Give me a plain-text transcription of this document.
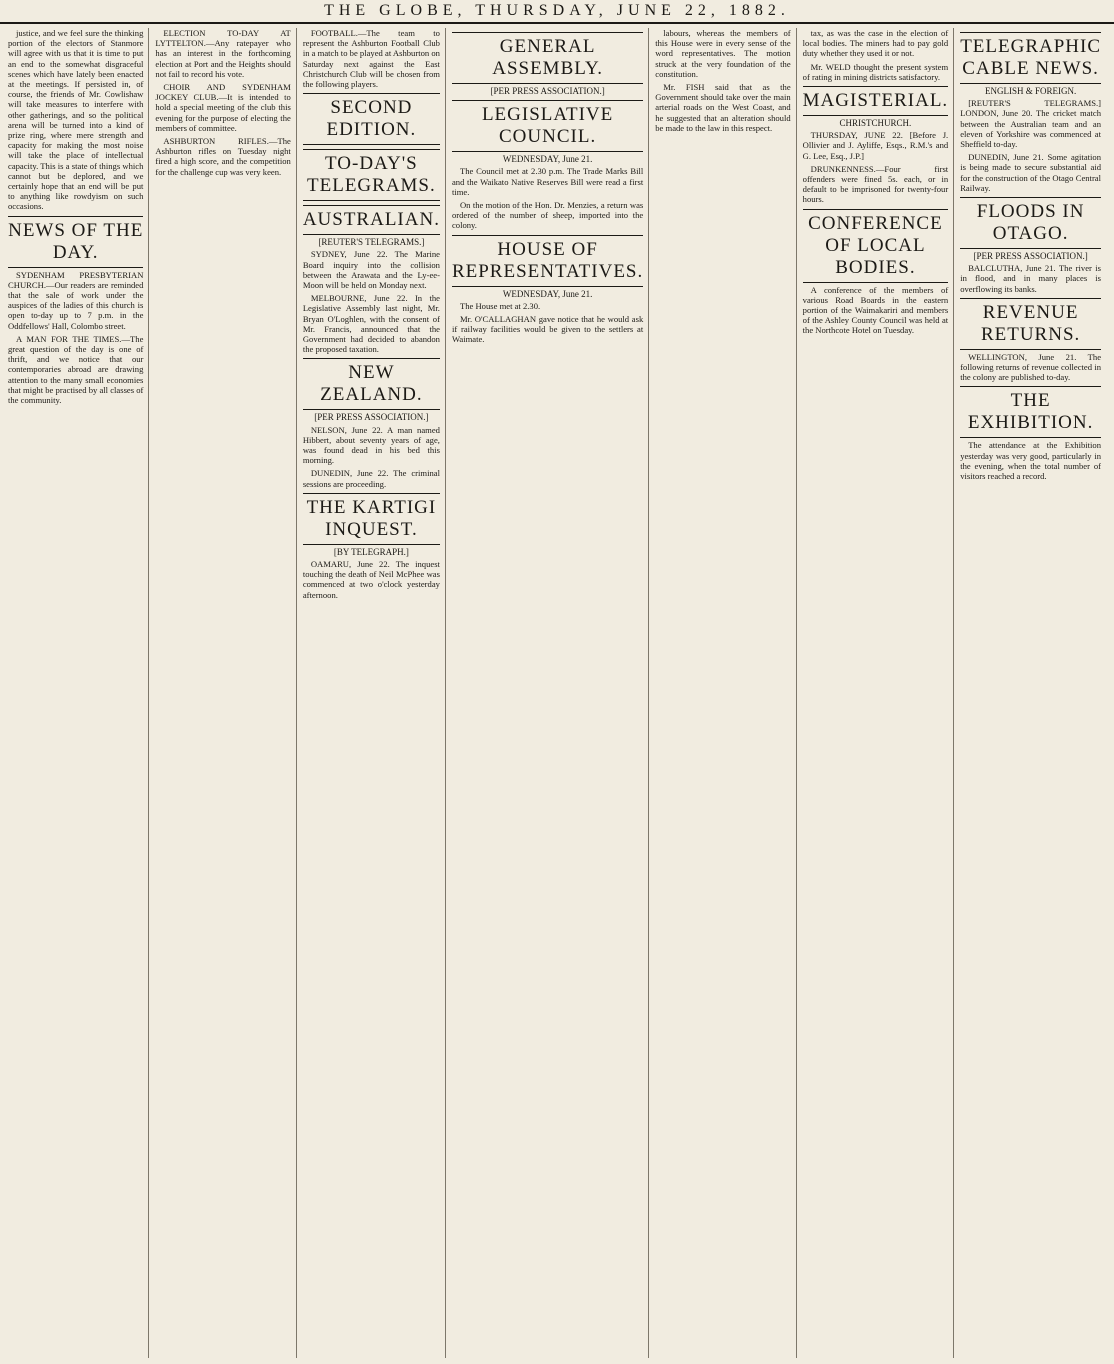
THE GLOBE, THURSDAY, JUNE 22, 1882.

justice, and we feel sure the thinking portion of the electors of Stanmore will agree with us that it is time to put an end to the somewhat disgraceful scenes which have lately been enacted at the meetings. If persisted in, of course, the friends of Mr. Cowlishaw will take measures to interfere with other gatherings, and so the political arena will be turned into a kind of prize ring, where mere strength and capacity for making the most noise will take the place of intellectual capacity. This is a state of things which cannot but be deplored, and we certainly hope that an end will be put to anything like rowdyism on such occasions.

NEWS OF THE DAY.

SYDENHAM PRESBYTERIAN CHURCH.—Our readers are reminded that the sale of work under the auspices of the ladies of this church is open to-day up to 7 p.m. in the Oddfellows' Hall, Colombo street.

A MAN FOR THE TIMES.—The great question of the day is one of thrift, and we notice that our contemporaries abroad are drawing attention to the many small economies that might be practised by all classes of the community.

ELECTION TO-DAY AT LYTTELTON.—Any ratepayer who has an interest in the forthcoming election at Port and the Heights should not fail to record his vote.

CHOIR AND SYDENHAM JOCKEY CLUB.—It is intended to hold a special meeting of the club this evening for the purpose of electing the members of committee.

ASHBURTON RIFLES.—The Ashburton rifles on Tuesday night fired a high score, and the competition for the challenge cup was very keen.

FOOTBALL.—The team to represent the Ashburton Football Club in a match to be played at Ashburton on Saturday next against the East Christchurch Club will be chosen from the following players.

SECOND EDITION.
TO-DAY'S TELEGRAMS.
AUSTRALIAN.
[REUTER'S TELEGRAMS.]

SYDNEY, June 22. The Marine Board inquiry into the collision between the Arawata and the Ly-ee-Moon will be held on Monday next.

MELBOURNE, June 22. In the Legislative Assembly last night, Mr. Bryan O'Loghlen, with the consent of Mr. Francis, announced that the Government had decided to abandon the proposed taxation.

NEW ZEALAND.
[PER PRESS ASSOCIATION.]

NELSON, June 22. A man named Hibbert, about seventy years of age, was found dead in his bed this morning.

DUNEDIN, June 22. The criminal sessions are proceeding.

THE KARTIGI INQUEST.
[BY TELEGRAPH.]

OAMARU, June 22. The inquest touching the death of Neil McPhee was commenced at two o'clock yesterday afternoon.

GENERAL ASSEMBLY.
[PER PRESS ASSOCIATION.]
LEGISLATIVE COUNCIL.
WEDNESDAY, June 21.

The Council met at 2.30 p.m. The Trade Marks Bill and the Waikato Native Reserves Bill were read a first time.

On the motion of the Hon. Dr. Menzies, a return was ordered of the number of sheep, imported into the colony.

HOUSE OF REPRESENTATIVES.
WEDNESDAY, June 21.

The House met at 2.30.

Mr. O'CALLAGHAN gave notice that he would ask if railway facilities would be given to the settlers at Waimate.

labours, whereas the members of this House were in every sense of the word representatives. The motion struck at the very foundation of the constitution.

Mr. FISH said that as the Government should take over the main arterial roads on the West Coast, and he suggested that an alteration should be made to the law in this respect.

tax, as was the case in the election of local bodies. The miners had to pay gold duty whether they used it or not.

Mr. WELD thought the present system of rating in mining districts satisfactory.

MAGISTERIAL.
CHRISTCHURCH.

THURSDAY, JUNE 22. [Before J. Ollivier and J. Ayliffe, Esqs., R.M.'s and G. Lee, Esq., J.P.]

DRUNKENNESS.—Four first offenders were fined 5s. each, or in default to be imprisoned for twenty-four hours.

CONFERENCE OF LOCAL BODIES.

A conference of the members of various Road Boards in the eastern portion of the Waimakariri and members of the Ashley County Council was held at the Northcote Hotel on Tuesday.

TELEGRAPHIC CABLE NEWS.
ENGLISH & FOREIGN.

[REUTER'S TELEGRAMS.] LONDON, June 20. The cricket match between the Australian team and an eleven of Yorkshire was commenced at Sheffield to-day.

DUNEDIN, June 21. Some agitation is being made to secure substantial aid for the construction of the Otago Central Railway.

FLOODS IN OTAGO.
[PER PRESS ASSOCIATION.]

BALCLUTHA, June 21. The river is in flood, and in many places is overflowing its banks.

REVENUE RETURNS.

WELLINGTON, June 21. The following returns of revenue collected in the colony are published to-day.

THE EXHIBITION.

The attendance at the Exhibition yesterday was very good, particularly in the evening, when the total number of visitors reached a record.
